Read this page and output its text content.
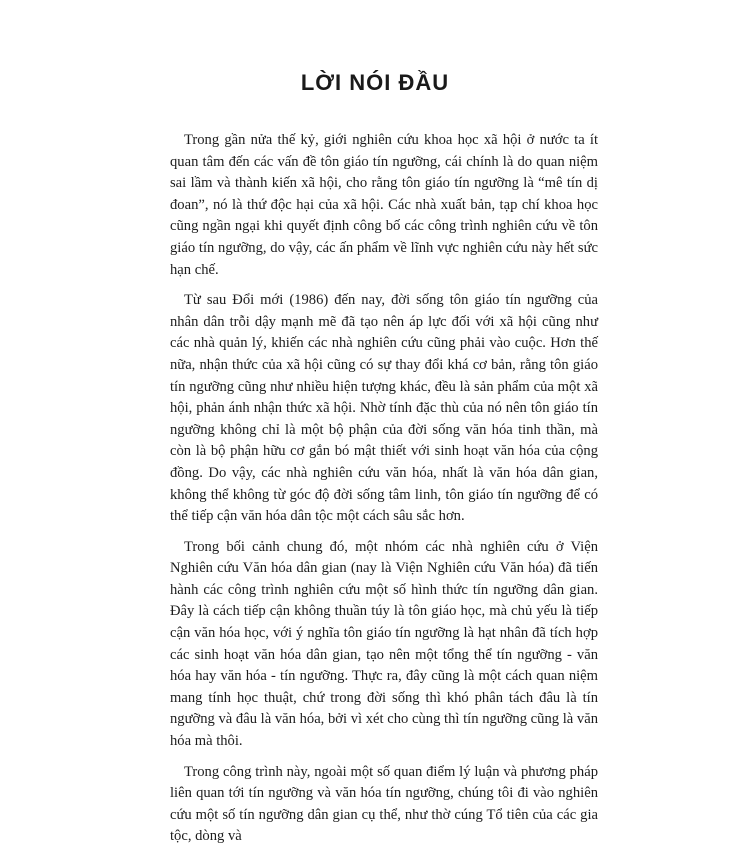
LỜI NÓI ĐẦU

Trong gần nửa thế kỷ, giới nghiên cứu khoa học xã hội ở nước ta ít quan tâm đến các vấn đề tôn giáo tín ngưỡng, cái chính là do quan niệm sai lầm và thành kiến xã hội, cho rằng tôn giáo tín ngưỡng là “mê tín dị đoan”, nó là thứ độc hại của xã hội. Các nhà xuất bản, tạp chí khoa học cũng ngần ngại khi quyết định công bố các công trình nghiên cứu về tôn giáo tín ngưỡng, do vậy, các ấn phẩm về lĩnh vực nghiên cứu này hết sức hạn chế.

Từ sau Đổi mới (1986) đến nay, đời sống tôn giáo tín ngưỡng của nhân dân trỗi dậy mạnh mẽ đã tạo nên áp lực đối với xã hội cũng như các nhà quản lý, khiến các nhà nghiên cứu cũng phải vào cuộc. Hơn thế nữa, nhận thức của xã hội cũng có sự thay đổi khá cơ bản, rằng tôn giáo tín ngưỡng cũng như nhiều hiện tượng khác, đều là sản phẩm của một xã hội, phản ánh nhận thức xã hội. Nhờ tính đặc thù của nó nên tôn giáo tín ngưỡng không chỉ là một bộ phận của đời sống văn hóa tinh thần, mà còn là bộ phận hữu cơ gắn bó mật thiết với sinh hoạt văn hóa của cộng đồng. Do vậy, các nhà nghiên cứu văn hóa, nhất là văn hóa dân gian, không thể không từ góc độ đời sống tâm linh, tôn giáo tín ngưỡng để có thể tiếp cận văn hóa dân tộc một cách sâu sắc hơn.

Trong bối cảnh chung đó, một nhóm các nhà nghiên cứu ở Viện Nghiên cứu Văn hóa dân gian (nay là Viện Nghiên cứu Văn hóa) đã tiến hành các công trình nghiên cứu một số hình thức tín ngưỡng dân gian. Đây là cách tiếp cận không thuần túy là tôn giáo học, mà chủ yếu là tiếp cận văn hóa học, với ý nghĩa tôn giáo tín ngưỡng là hạt nhân đã tích hợp các sinh hoạt văn hóa dân gian, tạo nên một tổng thể tín ngưỡng - văn hóa hay văn hóa - tín ngưỡng. Thực ra, đây cũng là một cách quan niệm mang tính học thuật, chứ trong đời sống thì khó phân tách đâu là tín ngưỡng và đâu là văn hóa, bởi vì xét cho cùng thì tín ngưỡng cũng là văn hóa mà thôi.

Trong công trình này, ngoài một số quan điểm lý luận và phương pháp liên quan tới tín ngưỡng và văn hóa tín ngưỡng, chúng tôi đi vào nghiên cứu một số tín ngưỡng dân gian cụ thể, như thờ cúng Tổ tiên của các gia tộc, dòng và
